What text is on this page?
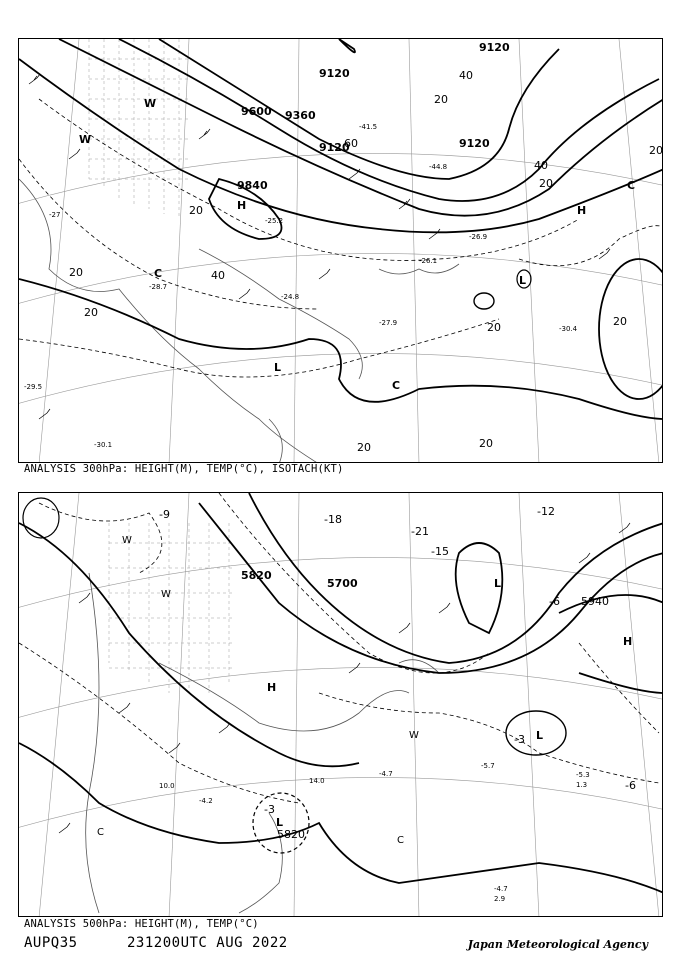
9120
9120
9600 9360
9120
9120
9840
20
40
60
40
20
20
20
40
20
20
20	20
20	20
-27
-25.2
-24.8
-26.1
-27.9
-30.4
-29.5
-30.1
-41.5
-44.8
-28.7
-26.9
H	H
L
L
C
C
W
W
C
ANALYSIS 300hPa: HEIGHT(M), TEMP(°C), ISOTACH(KT)
5820
5700
5940
5820
-21
-18
-15
-12
-9
-6
-6
-3
-3
-4.2
-5.7
-5.3
-4.7
-4.7
10.0
14.0	1.3
2.9
H
H
L
L
L
C
C
W
W
W
ANALYSIS 500hPa: HEIGHT(M), TEMP(°C)
AUPQ35	231200UTC AUG 2022	Japan Meteorological Agency
